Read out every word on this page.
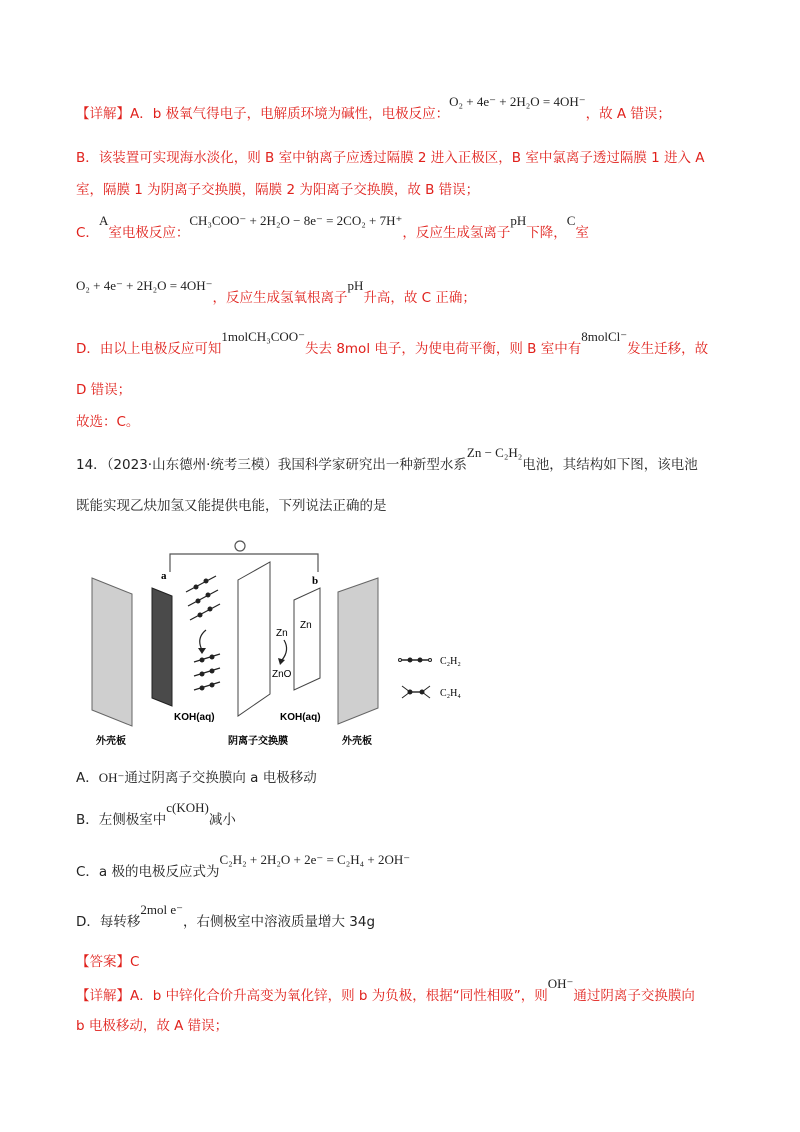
【详解】A．b 极氧气得电子，电解质环境为碱性，电极反应：O₂ + 4e⁻ + 2H₂O = 4OH⁻，故 A 错误；
B．该装置可实现海水淡化，则 B 室中钠离子应透过隔膜 2 进入正极区，B 室中氯离子透过隔膜 1 进入 A
室，隔膜 1 为阴离子交换膜，隔膜 2 为阳离子交换膜，故 B 错误；
C．A室电极反应：CH₃COO⁻ + 2H₂O − 8e⁻ = 2CO₂ + 7H⁺，反应生成氢离子pH下降，C室
O₂ + 4e⁻ + 2H₂O = 4OH⁻，反应生成氢氧根离子pH升高，故 C 正确；
D．由以上电极反应可知1molCH₃COO⁻失去 8mol 电子，为使电荷平衡，则 B 室中有8molCl⁻发生迁移，故
D 错误；
故选：C。
14．（2023·山东德州·统考三模）我国科学家研究出一种新型水系Zn − C₂H₂电池，其结构如下图，该电池
既能实现乙炔加氢又能提供电能，下列说法正确的是
a	b
Zn
Zn
ZnO
KOH(aq)	KOH(aq)
外壳板	阴离子交换膜	外壳板
C₂H₂
C₂H₄
A．OH⁻通过阴离子交换膜向 a 电极移动
B．左侧极室中c(KOH)减小
C．a 极的电极反应式为C₂H₂ + 2H₂O + 2e⁻ = C₂H₄ + 2OH⁻
D．每转移2mol e⁻，右侧极室中溶液质量增大 34g
【答案】C
【详解】A．b 中锌化合价升高变为氧化锌，则 b 为负极，根据“同性相吸”，则OH⁻通过阴离子交换膜向
b 电极移动，故 A 错误；
